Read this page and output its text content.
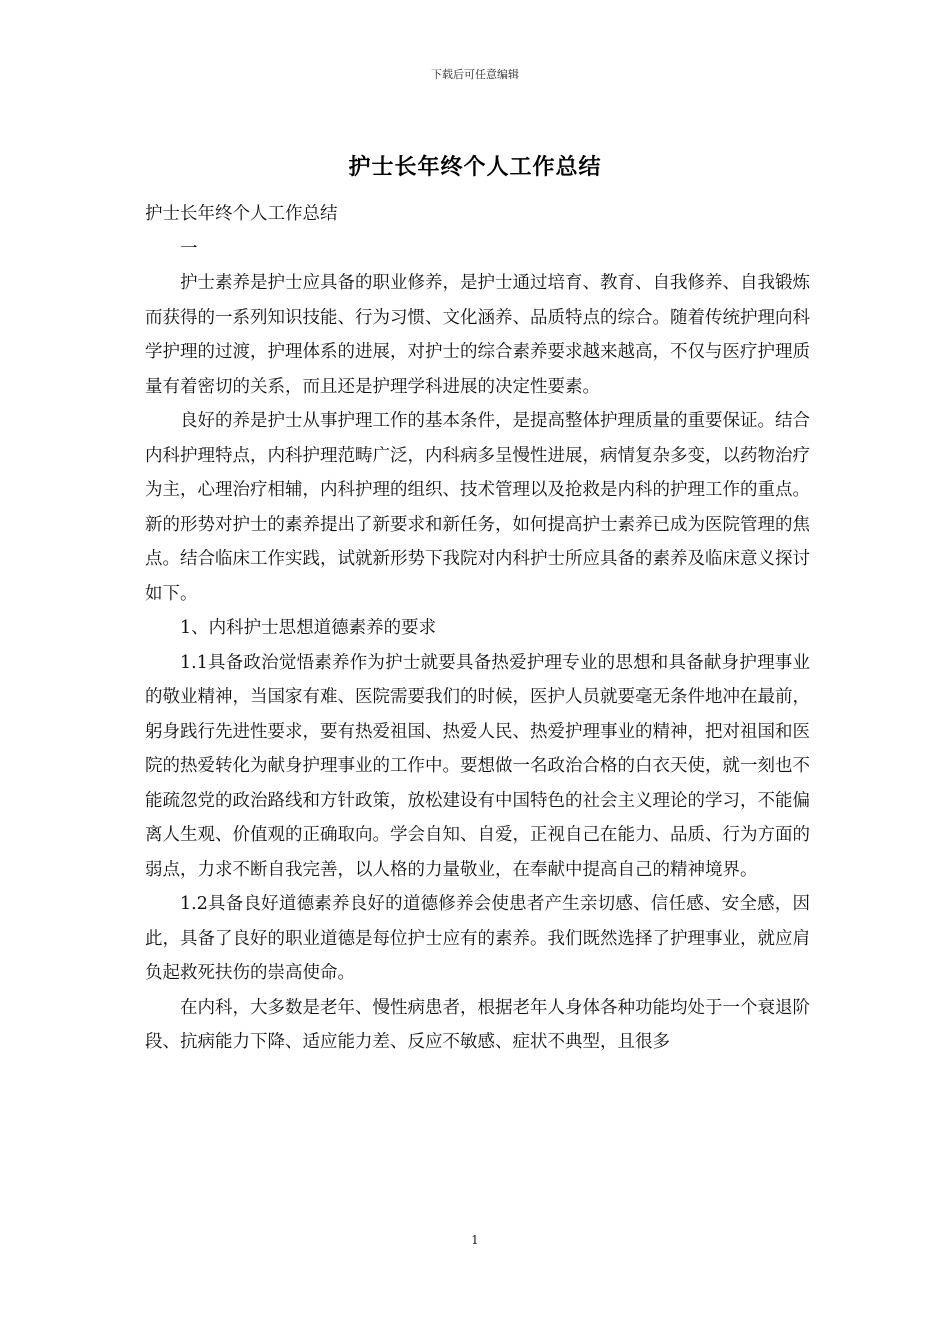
下载后可任意编辑
护士长年终个人工作总结

护士长年终个人工作总结

一

护士素养是护士应具备的职业修养，是护士通过培育、教育、自我修养、自我锻炼而获得的一系列知识技能、行为习惯、文化涵养、品质特点的综合。随着传统护理向科学护理的过渡，护理体系的进展，对护士的综合素养要求越来越高，不仅与医疗护理质量有着密切的关系，而且还是护理学科进展的决定性要素。

良好的养是护士从事护理工作的基本条件，是提高整体护理质量的重要保证。结合内科护理特点，内科护理范畴广泛，内科病多呈慢性进展，病情复杂多变，以药物治疗为主，心理治疗相辅，内科护理的组织、技术管理以及抢救是内科的护理工作的重点。新的形势对护士的素养提出了新要求和新任务，如何提高护士素养已成为医院管理的焦点。结合临床工作实践，试就新形势下我院对内科护士所应具备的素养及临床意义探讨如下。

1、内科护士思想道德素养的要求

1.1具备政治觉悟素养作为护士就要具备热爱护理专业的思想和具备献身护理事业的敬业精神，当国家有难、医院需要我们的时候，医护人员就要毫无条件地冲在最前，躬身践行先进性要求，要有热爱祖国、热爱人民、热爱护理事业的精神，把对祖国和医院的热爱转化为献身护理事业的工作中。要想做一名政治合格的白衣天使，就一刻也不能疏忽党的政治路线和方针政策，放松建设有中国特色的社会主义理论的学习，不能偏离人生观、价值观的正确取向。学会自知、自爱，正视自己在能力、品质、行为方面的弱点，力求不断自我完善，以人格的力量敬业，在奉献中提高自己的精神境界。

1.2具备良好道德素养良好的道德修养会使患者产生亲切感、信任感、安全感，因此，具备了良好的职业道德是每位护士应有的素养。我们既然选择了护理事业，就应肩负起救死扶伤的崇高使命。

在内科，大多数是老年、慢性病患者，根据老年人身体各种功能均处于一个衰退阶段、抗病能力下降、适应能力差、反应不敏感、症状不典型，且很多

1
